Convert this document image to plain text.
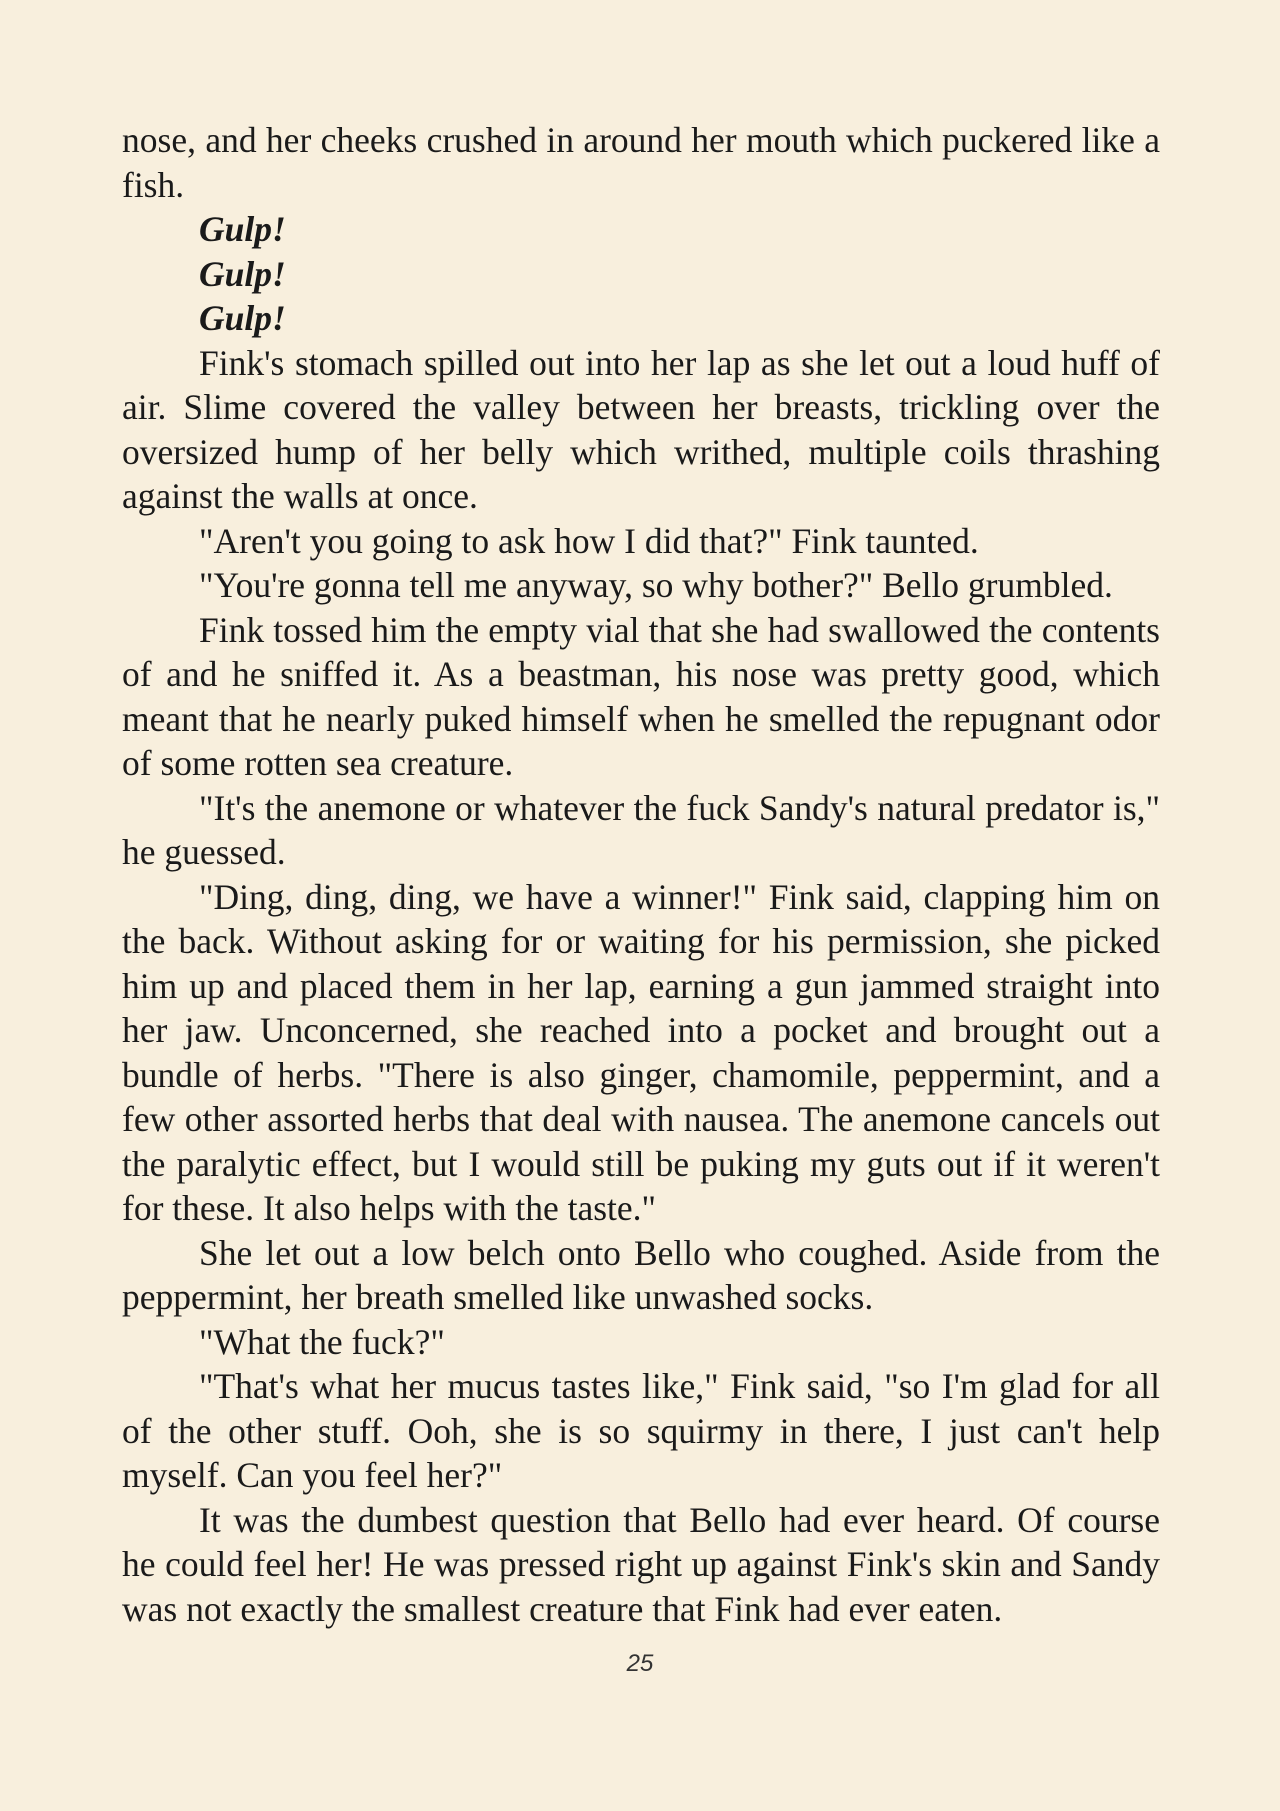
nose, and her cheeks crushed in around her mouth which puckered like a fish.

Gulp!

Gulp!

Gulp!

Fink's stomach spilled out into her lap as she let out a loud huff of air. Slime covered the valley between her breasts, trickling over the oversized hump of her belly which writhed, multiple coils thrashing against the walls at once.

"Aren't you going to ask how I did that?" Fink taunted.

"You're gonna tell me anyway, so why bother?" Bello grumbled.

Fink tossed him the empty vial that she had swallowed the contents of and he sniffed it. As a beastman, his nose was pretty good, which meant that he nearly puked himself when he smelled the repugnant odor of some rotten sea creature.

"It's the anemone or whatever the fuck Sandy's natural predator is," he guessed.

"Ding, ding, ding, we have a winner!" Fink said, clapping him on the back. Without asking for or waiting for his permission, she picked him up and placed them in her lap, earning a gun jammed straight into her jaw. Unconcerned, she reached into a pocket and brought out a bundle of herbs. "There is also ginger, chamomile, peppermint, and a few other assorted herbs that deal with nausea. The anemone cancels out the paralytic effect, but I would still be puking my guts out if it weren't for these. It also helps with the taste."

She let out a low belch onto Bello who coughed. Aside from the peppermint, her breath smelled like unwashed socks.

"What the fuck?"

"That's what her mucus tastes like," Fink said, "so I'm glad for all of the other stuff. Ooh, she is so squirmy in there, I just can't help myself. Can you feel her?"

It was the dumbest question that Bello had ever heard. Of course he could feel her! He was pressed right up against Fink's skin and Sandy was not exactly the smallest creature that Fink had ever eaten.

25
